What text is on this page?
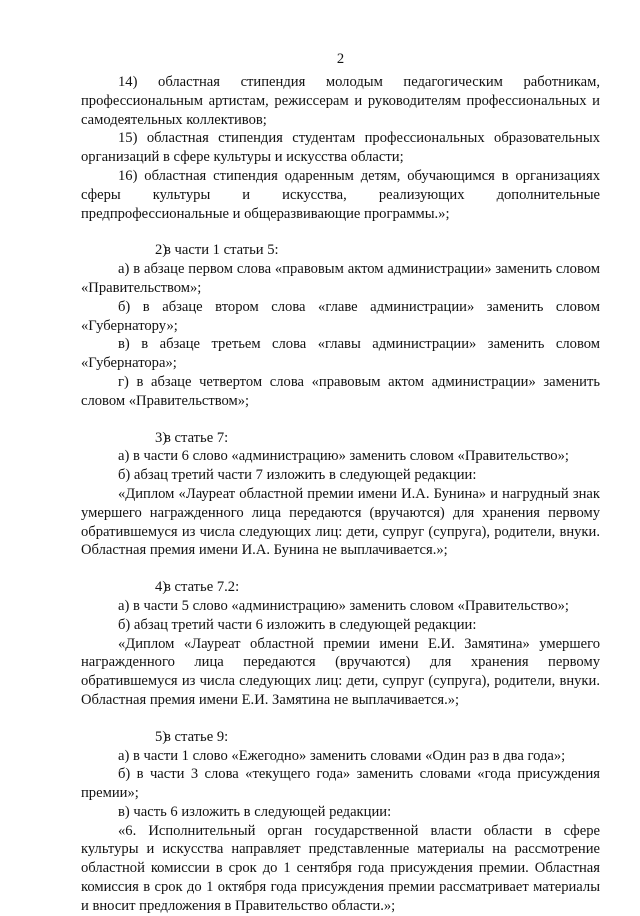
2

14) областная стипендия молодым педагогическим работникам, профессиональным артистам, режиссерам и руководителям профессиональных и самодеятельных коллективов;

15) областная стипендия студентам профессиональных образовательных организаций в сфере культуры и искусства области;

16) областная стипендия одаренным детям, обучающимся в организациях сферы культуры и искусства, реализующих дополнительные предпрофессиональные и общеразвивающие программы.»;

2)в части 1 статьи 5:

а) в абзаце первом слова «правовым актом администрации» заменить словом «Правительством»;

б) в абзаце втором слова «главе администрации» заменить словом «Губернатору»;

в) в абзаце третьем слова «главы администрации» заменить словом «Губернатора»;

г) в абзаце четвертом слова «правовым актом администрации» заменить словом «Правительством»;

3)в статье 7:

а) в части 6 слово «администрацию» заменить словом «Правительство»;

б) абзац третий части 7 изложить в следующей редакции:

«Диплом «Лауреат областной премии имени И.А. Бунина» и нагрудный знак умершего награжденного лица передаются (вручаются) для хранения первому обратившемуся из числа следующих лиц: дети, супруг (супруга), родители, внуки. Областная премия имени И.А. Бунина не выплачивается.»;

4)в статье 7.2:

а) в части 5 слово «администрацию» заменить словом «Правительство»;

б) абзац третий части 6 изложить в следующей редакции:

«Диплом «Лауреат областной премии имени Е.И. Замятина» умершего награжденного лица передаются (вручаются) для хранения первому обратившемуся из числа следующих лиц: дети, супруг (супруга), родители, внуки. Областная премия имени Е.И. Замятина не выплачивается.»;

5)в статье 9:

а) в части 1 слово «Ежегодно» заменить словами «Один раз в два года»;

б) в части 3 слова «текущего года» заменить словами «года присуждения премии»;

в) часть 6 изложить в следующей редакции:

«6. Исполнительный орган государственной власти области в сфере культуры и искусства направляет представленные материалы на рассмотрение областной комиссии в срок до 1 сентября года присуждения премии. Областная комиссия в срок до 1 октября года присуждения премии рассматривает материалы и вносит предложения в Правительство области.»;
